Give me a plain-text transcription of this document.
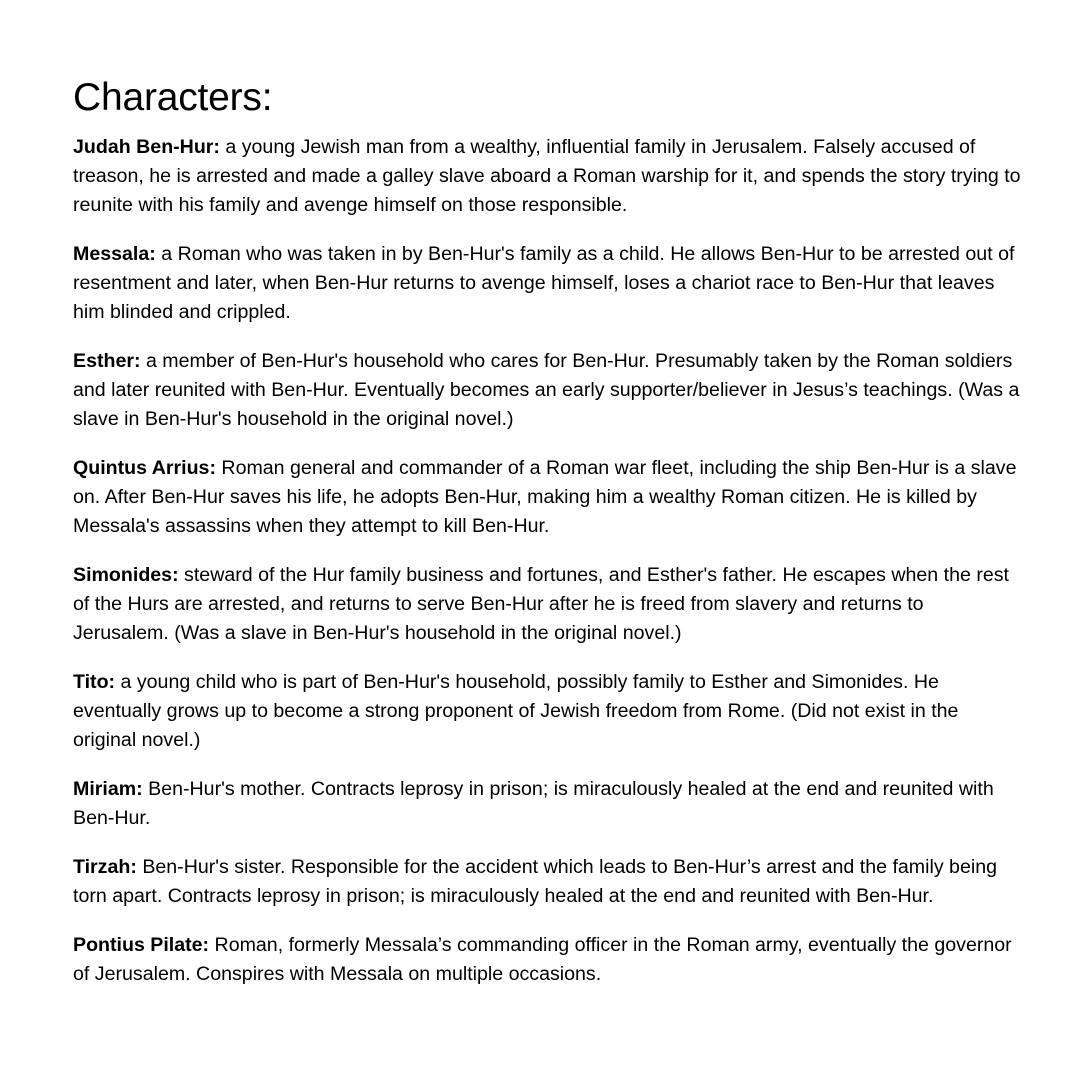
Characters:

Judah Ben-Hur: a young Jewish man from a wealthy, influential family in Jerusalem. Falsely accused of treason, he is arrested and made a galley slave aboard a Roman warship for it, and spends the story trying to reunite with his family and avenge himself on those responsible.

Messala: a Roman who was taken in by Ben-Hur's family as a child. He allows Ben-Hur to be arrested out of resentment and later, when Ben-Hur returns to avenge himself, loses a chariot race to Ben-Hur that leaves him blinded and crippled.

Esther: a member of Ben-Hur's household who cares for Ben-Hur. Presumably taken by the Roman soldiers and later reunited with Ben-Hur. Eventually becomes an early supporter/believer in Jesus’s teachings. (Was a slave in Ben-Hur's household in the original novel.)

Quintus Arrius: Roman general and commander of a Roman war fleet, including the ship Ben-Hur is a slave on. After Ben-Hur saves his life, he adopts Ben-Hur, making him a wealthy Roman citizen. He is killed by Messala's assassins when they attempt to kill Ben-Hur.

Simonides: steward of the Hur family business and fortunes, and Esther's father. He escapes when the rest of the Hurs are arrested, and returns to serve Ben-Hur after he is freed from slavery and returns to Jerusalem. (Was a slave in Ben-Hur's household in the original novel.)

Tito: a young child who is part of Ben-Hur's household, possibly family to Esther and Simonides. He eventually grows up to become a strong proponent of Jewish freedom from Rome. (Did not exist in the original novel.)

Miriam: Ben-Hur's mother. Contracts leprosy in prison; is miraculously healed at the end and reunited with Ben-Hur.

Tirzah: Ben-Hur's sister. Responsible for the accident which leads to Ben-Hur’s arrest and the family being torn apart. Contracts leprosy in prison; is miraculously healed at the end and reunited with Ben-Hur.

Pontius Pilate: Roman, formerly Messala’s commanding officer in the Roman army, eventually the governor of Jerusalem. Conspires with Messala on multiple occasions.
